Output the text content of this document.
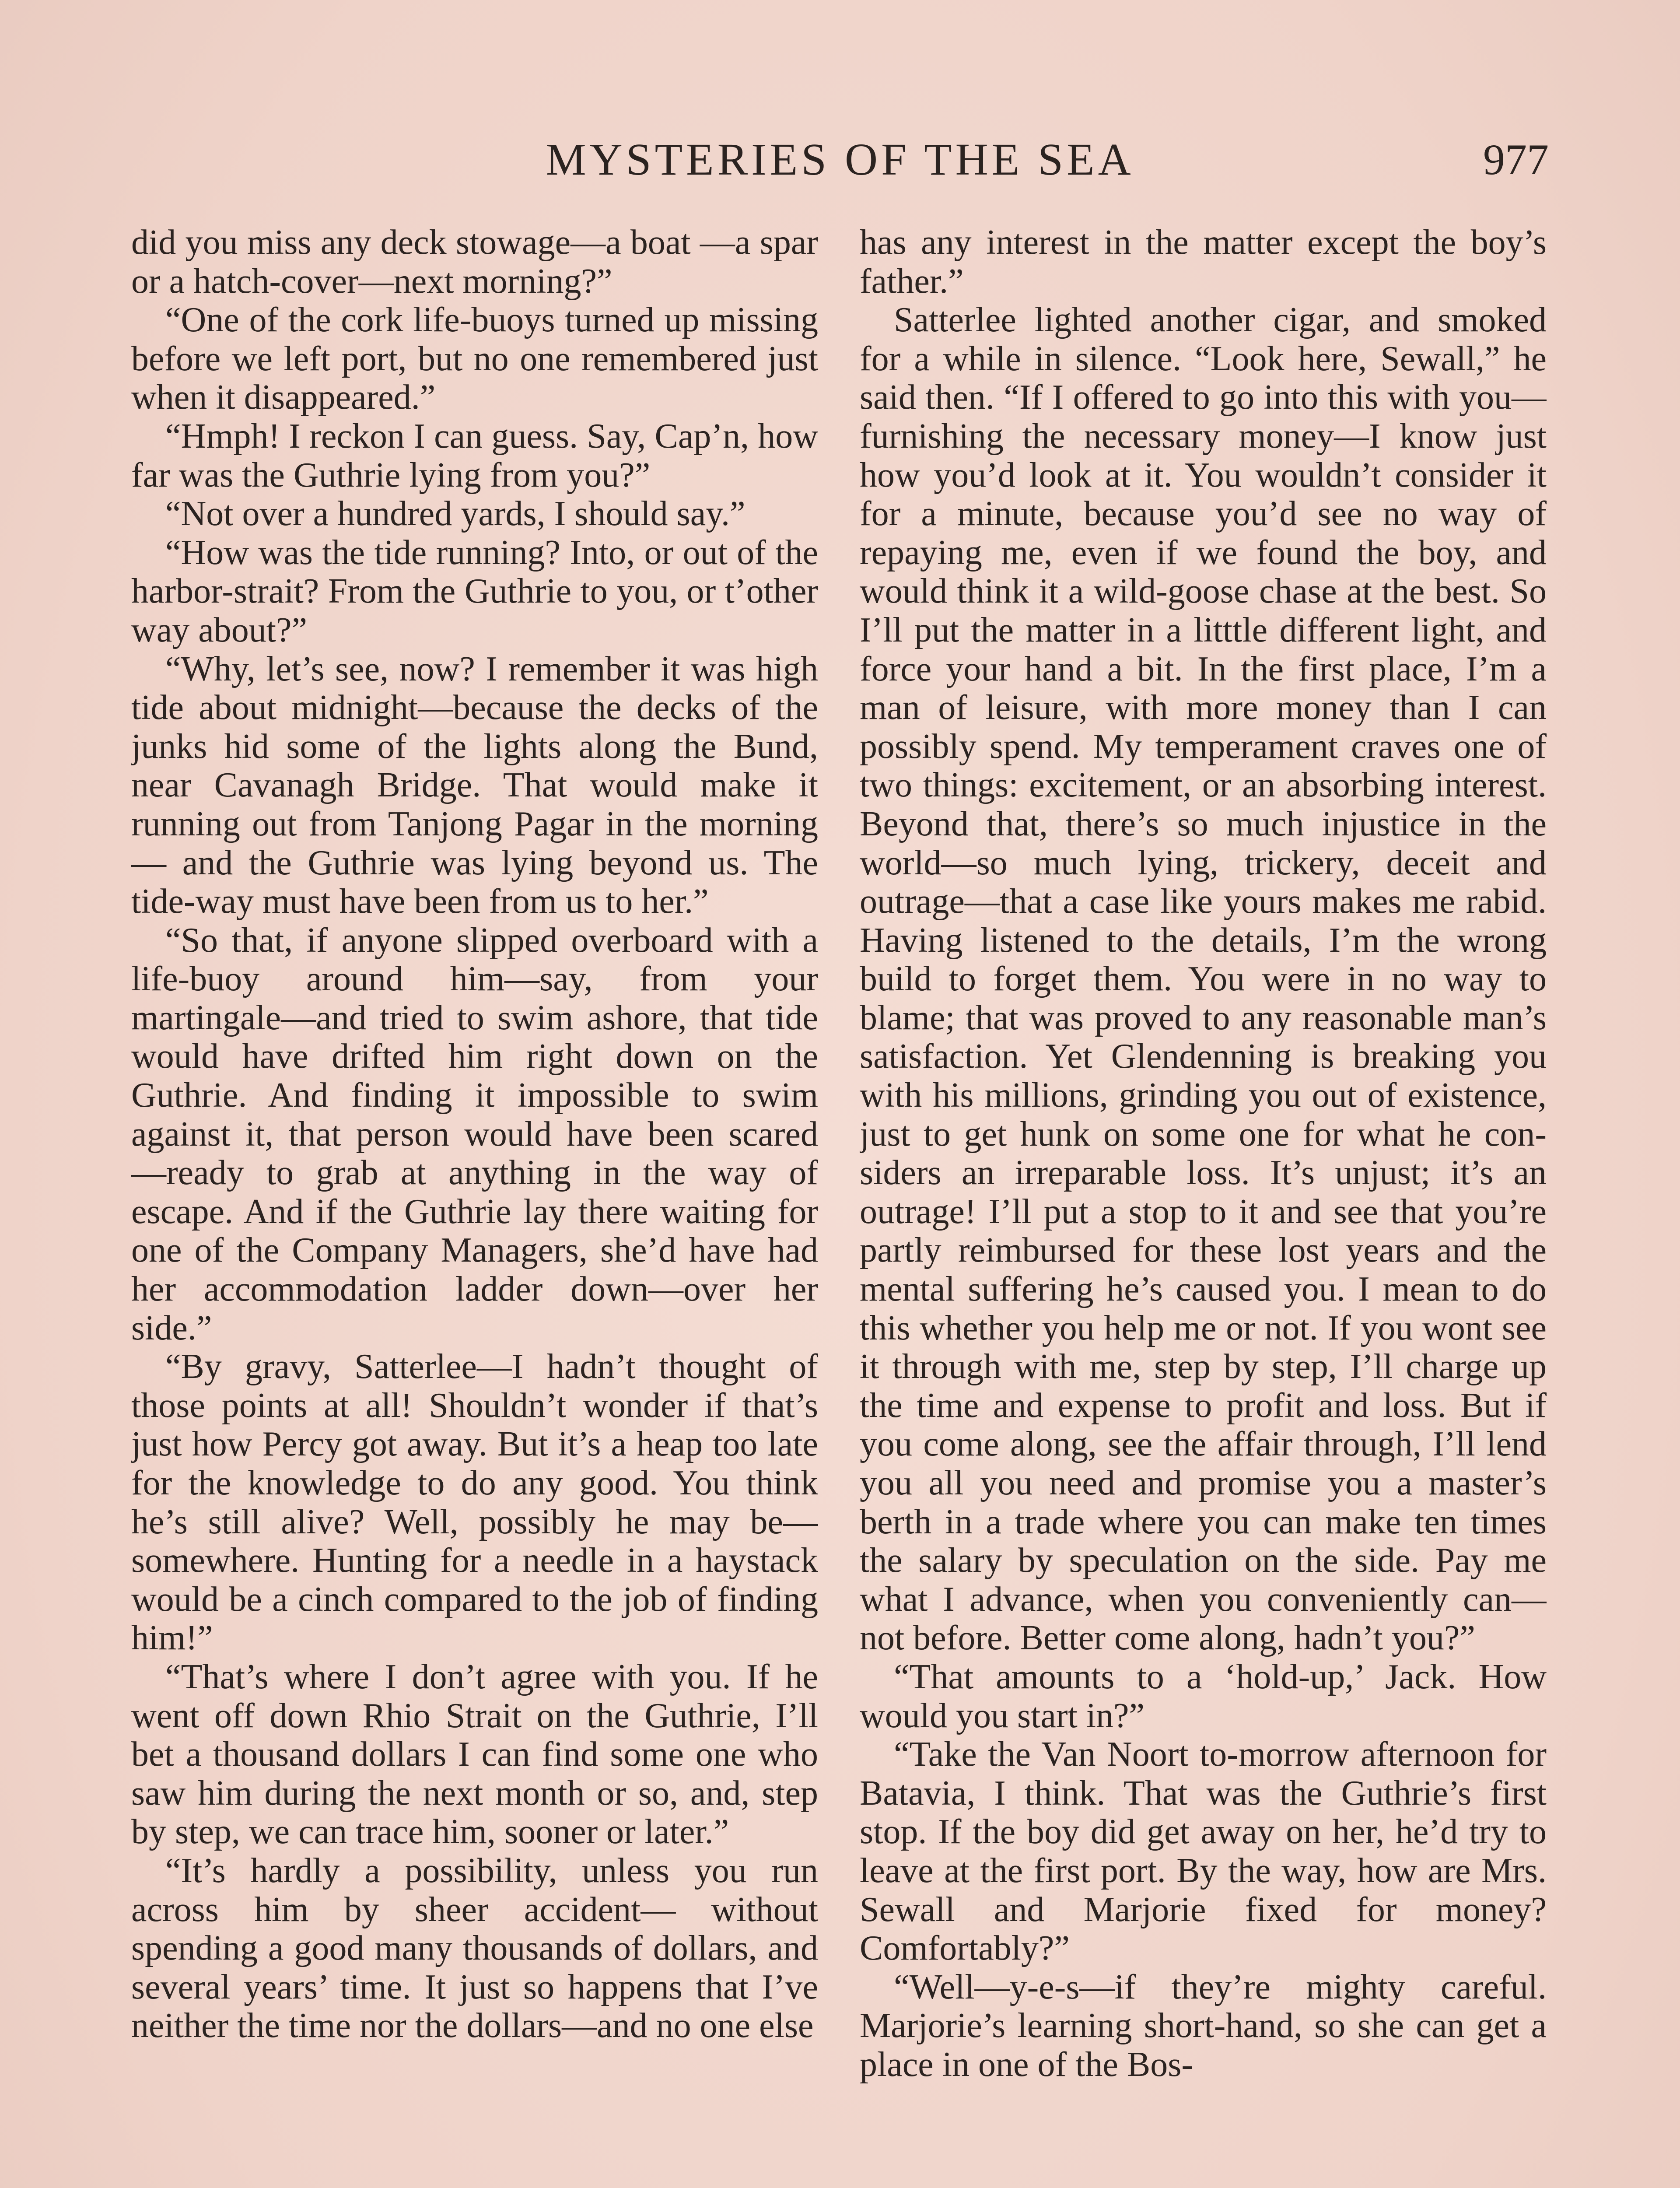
MYSTERIES OF THE SEA	977

did you miss any deck stowage—a boat —a spar or a hatch-cover—next morning?”

“One of the cork life-buoys turned up missing before we left port, but no one remembered just when it disappeared.”

“Hmph! I reckon I can guess. Say, Cap’n, how far was the Guthrie lying from you?”

“Not over a hundred yards, I should say.”

“How was the tide running? Into, or out of the harbor-strait? From the Guthrie to you, or t’other way about?”

“Why, let’s see, now? I remember it was high tide about midnight—because the decks of the junks hid some of the lights along the Bund, near Cavanagh Bridge. That would make it running out from Tanjong Pagar in the morning— and the Guthrie was lying beyond us. The tide-way must have been from us to her.”

“So that, if anyone slipped overboard with a life-buoy around him—say, from your martingale—and tried to swim ashore, that tide would have drifted him right down on the Guthrie. And finding it impossible to swim against it, that person would have been scared —ready to grab at anything in the way of escape. And if the Guthrie lay there waiting for one of the Company Managers, she’d have had her accommodation ladder down—over her side.”

“By gravy, Satterlee—I hadn’t thought of those points at all! Shouldn’t wonder if that’s just how Percy got away. But it’s a heap too late for the knowledge to do any good. You think he’s still alive? Well, possibly he may be—somewhere. Hunting for a needle in a haystack would be a cinch compared to the job of finding him!”

“That’s where I don’t agree with you. If he went off down Rhio Strait on the Guthrie, I’ll bet a thousand dollars I can find some one who saw him during the next month or so, and, step by step, we can trace him, sooner or later.”

“It’s hardly a possibility, unless you run across him by sheer accident— without spending a good many thousands of dollars, and several years’ time. It just so happens that I’ve neither the time nor the dollars—and no one else

has any interest in the matter except the boy’s father.”

Satterlee lighted another cigar, and smoked for a while in silence. “Look here, Sewall,” he said then. “If I offered to go into this with you—furnishing the necessary money—I know just how you’d look at it. You wouldn’t consider it for a minute, because you’d see no way of repaying me, even if we found the boy, and would think it a wild-goose chase at the best. So I’ll put the matter in a litttle different light, and force your hand a bit. In the first place, I’m a man of leisure, with more money than I can possibly spend. My temperament craves one of two things: excitement, or an absorbing interest. Beyond that, there’s so much injustice in the world—so much lying, trickery, deceit and outrage—that a case like yours makes me rabid. Having listened to the details, I’m the wrong build to forget them. You were in no way to blame; that was proved to any reasonable man’s satisfaction. Yet Glendenning is breaking you with his millions, grinding you out of existence, just to get hunk on some one for what he considers an irreparable loss. It’s unjust; it’s an outrage! I’ll put a stop to it and see that you’re partly reimbursed for these lost years and the mental suffering he’s caused you. I mean to do this whether you help me or not. If you wont see it through with me, step by step, I’ll charge up the time and expense to profit and loss. But if you come along, see the affair through, I’ll lend you all you need and promise you a master’s berth in a trade where you can make ten times the salary by speculation on the side. Pay me what I advance, when you conveniently can—not before. Better come along, hadn’t you?”

“That amounts to a ‘hold-up,’ Jack. How would you start in?”

“Take the Van Noort to-morrow afternoon for Batavia, I think. That was the Guthrie’s first stop. If the boy did get away on her, he’d try to leave at the first port. By the way, how are Mrs. Sewall and Marjorie fixed for money? Comfortably?”

“Well—y-e-s—if they’re mighty careful. Marjorie’s learning short-hand, so she can get a place in one of the Bos-
